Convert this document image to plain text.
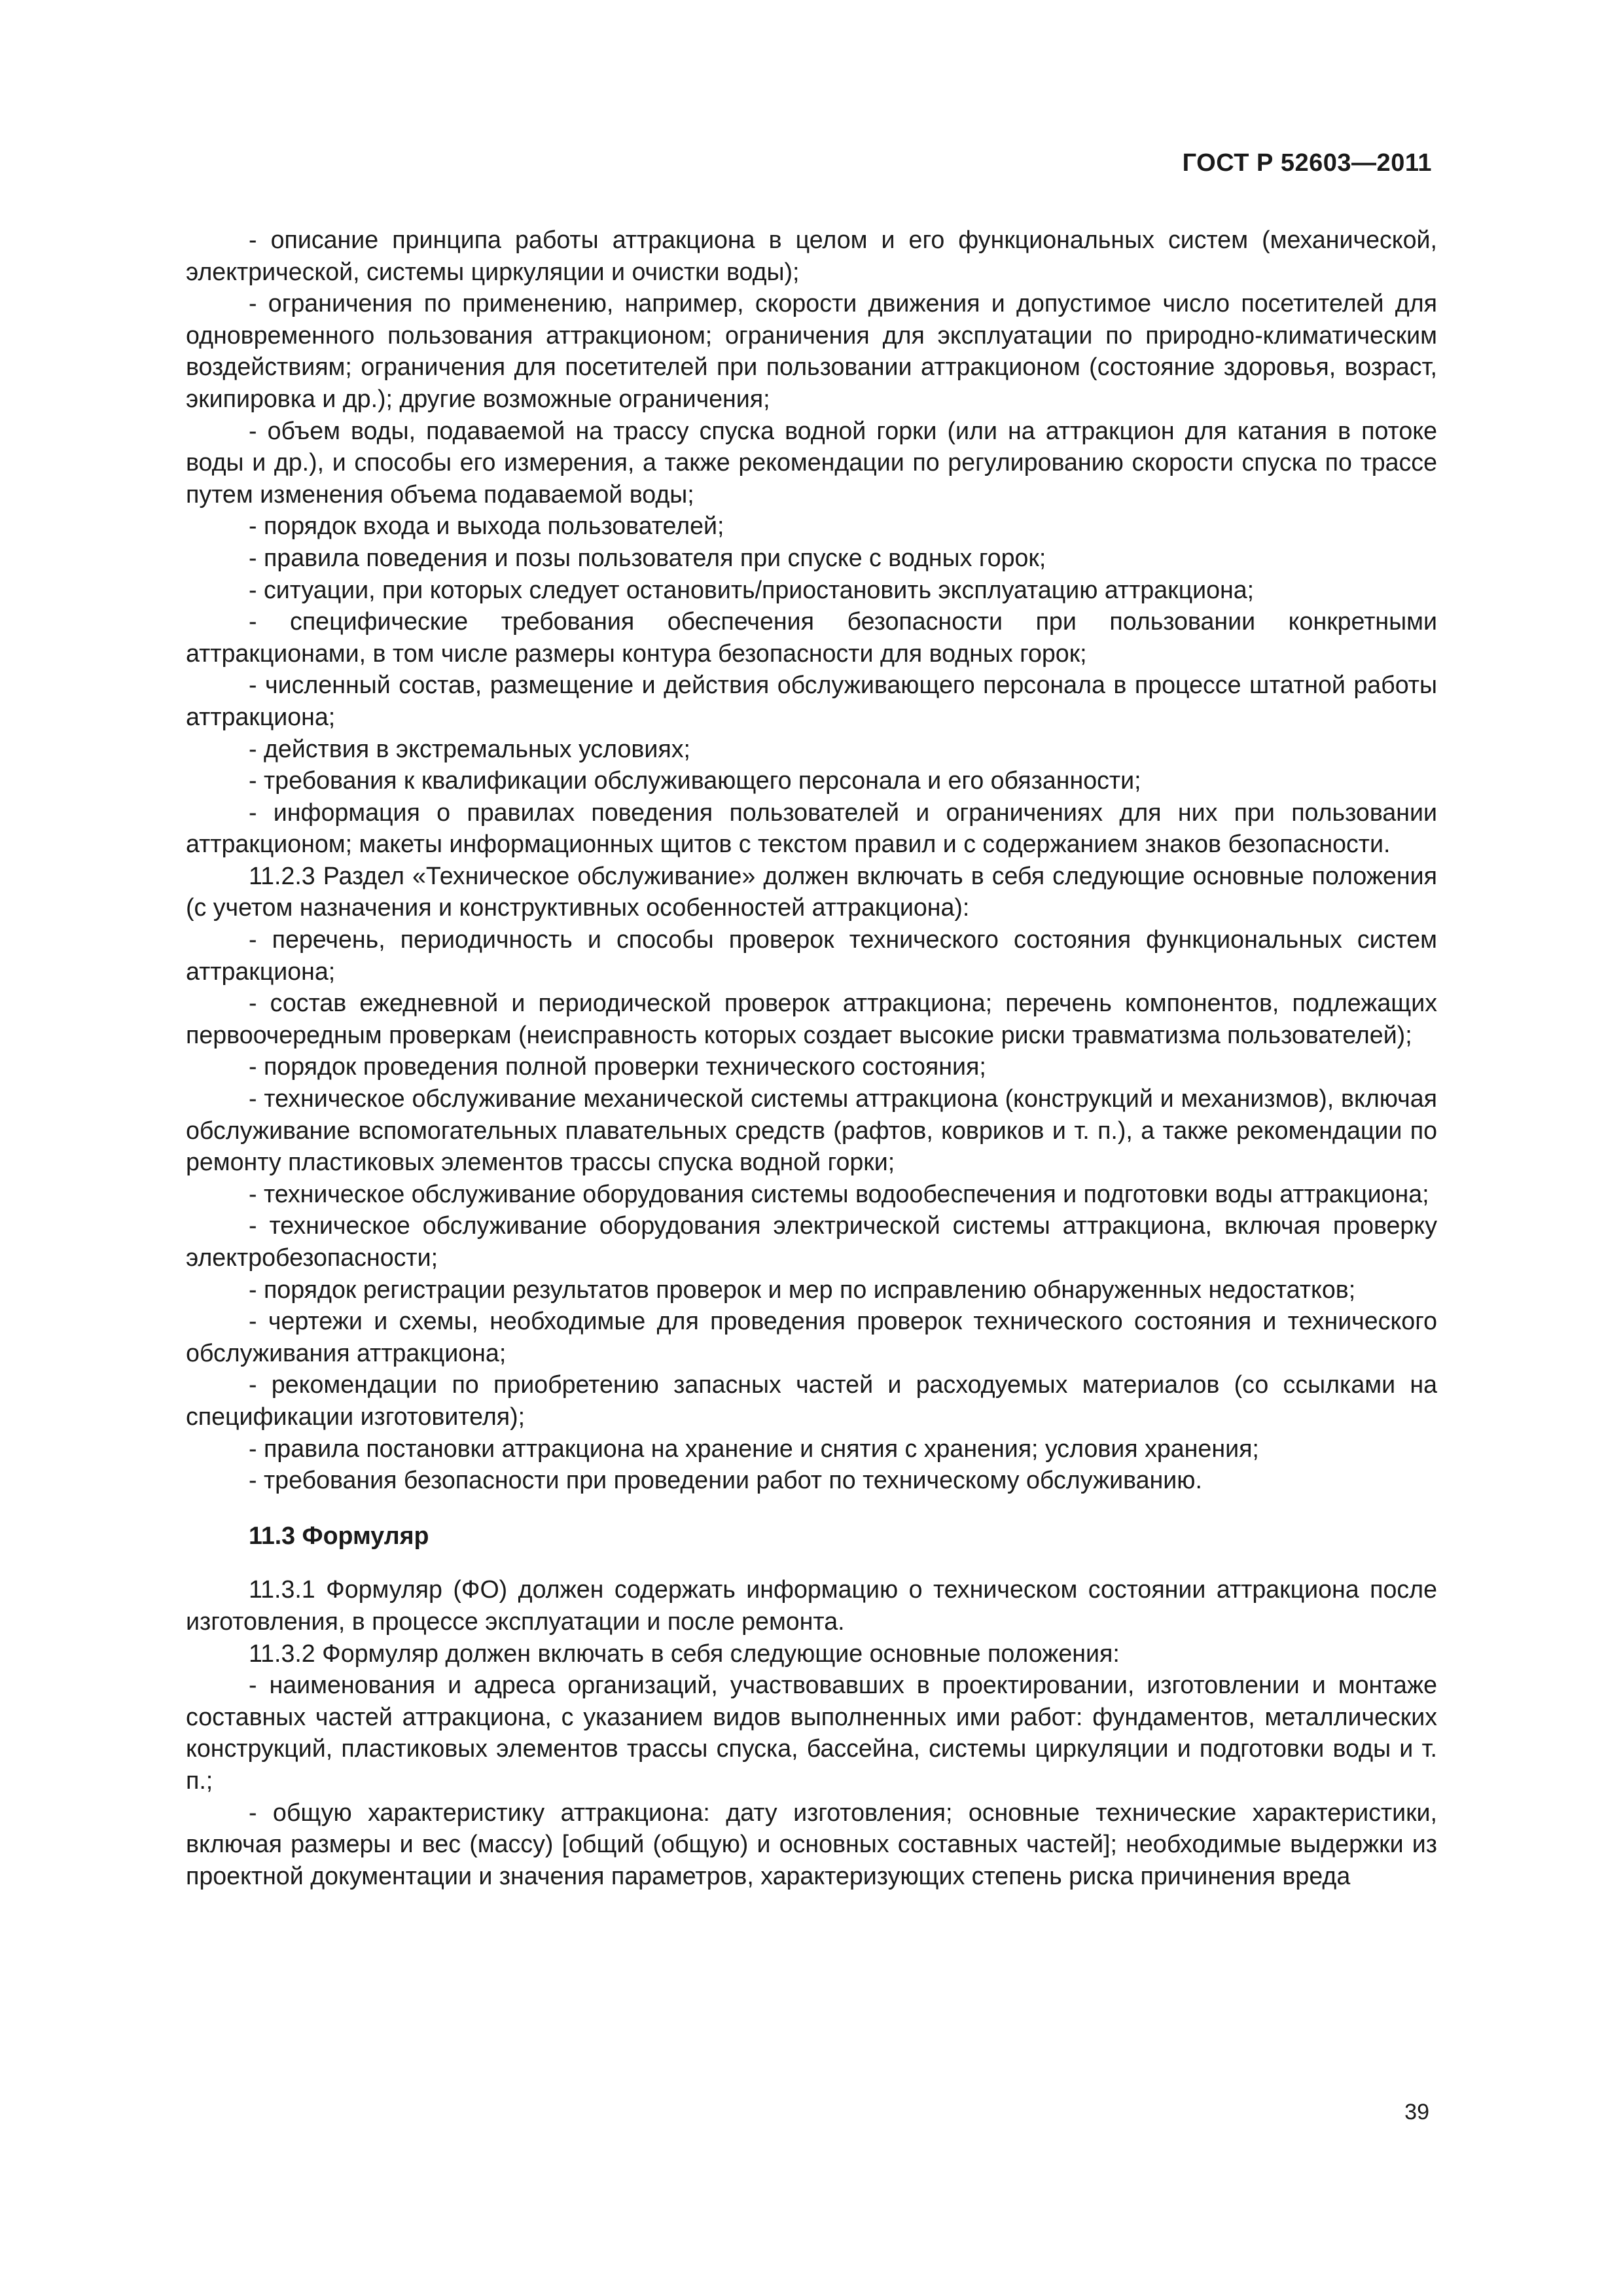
ГОСТ Р 52603—2011

- описание принципа работы аттракциона в целом и его функциональных систем (механической, электрической, системы циркуляции и очистки воды);

- ограничения по применению, например, скорости движения и допустимое число посетителей для одновременного пользования аттракционом; ограничения для эксплуатации по природно-климатическим воздействиям; ограничения для посетителей при пользовании аттракционом (состояние здоровья, возраст, экипировка и др.); другие возможные ограничения;

- объем воды, подаваемой на трассу спуска водной горки (или на аттракцион для катания в потоке воды и др.), и способы его измерения, а также рекомендации по регулированию скорости спуска по трассе путем изменения объема подаваемой воды;

- порядок входа и выхода пользователей;

- правила поведения и позы пользователя при спуске с водных горок;

- ситуации, при которых следует остановить/приостановить эксплуатацию аттракциона;

- специфические требования обеспечения безопасности при пользовании конкретными аттракционами, в том числе размеры контура безопасности для водных горок;

- численный состав, размещение и действия обслуживающего персонала в процессе штатной работы аттракциона;

- действия в экстремальных условиях;

- требования к квалификации обслуживающего персонала и его обязанности;

- информация о правилах поведения пользователей и ограничениях для них при пользовании аттракционом; макеты информационных щитов с текстом правил и с содержанием знаков безопасности.

11.2.3 Раздел «Техническое обслуживание» должен включать в себя следующие основные положения (с учетом назначения и конструктивных особенностей аттракциона):

- перечень, периодичность и способы проверок технического состояния функциональных систем аттракциона;

- состав ежедневной и периодической проверок аттракциона; перечень компонентов, подлежащих первоочередным проверкам (неисправность которых создает высокие риски травматизма пользователей);

- порядок проведения полной проверки технического состояния;

- техническое обслуживание механической системы аттракциона (конструкций и механизмов), включая обслуживание вспомогательных плавательных средств (рафтов, ковриков и т. п.), а также рекомендации по ремонту пластиковых элементов трассы спуска водной горки;

- техническое обслуживание оборудования системы водообеспечения и подготовки воды аттракциона;

- техническое обслуживание оборудования электрической системы аттракциона, включая проверку электробезопасности;

- порядок регистрации результатов проверок и мер по исправлению обнаруженных недостатков;

- чертежи и схемы, необходимые для проведения проверок технического состояния и технического обслуживания аттракциона;

- рекомендации по приобретению запасных частей и расходуемых материалов (со ссылками на спецификации изготовителя);

- правила постановки аттракциона на хранение и снятия с хранения; условия хранения;

- требования безопасности при проведении работ по техническому обслуживанию.

11.3 Формуляр

11.3.1 Формуляр (ФО) должен содержать информацию о техническом состоянии аттракциона после изготовления, в процессе эксплуатации и после ремонта.

11.3.2 Формуляр должен включать в себя следующие основные положения:

- наименования и адреса организаций, участвовавших в проектировании, изготовлении и монтаже составных частей аттракциона, с указанием видов выполненных ими работ: фундаментов, металлических конструкций, пластиковых элементов трассы спуска, бассейна, системы циркуляции и подготовки воды и т. п.;

- общую характеристику аттракциона: дату изготовления; основные технические характеристики, включая размеры и вес (массу) [общий (общую) и основных составных частей]; необходимые выдержки из проектной документации и значения параметров, характеризующих степень риска причинения вреда

39
